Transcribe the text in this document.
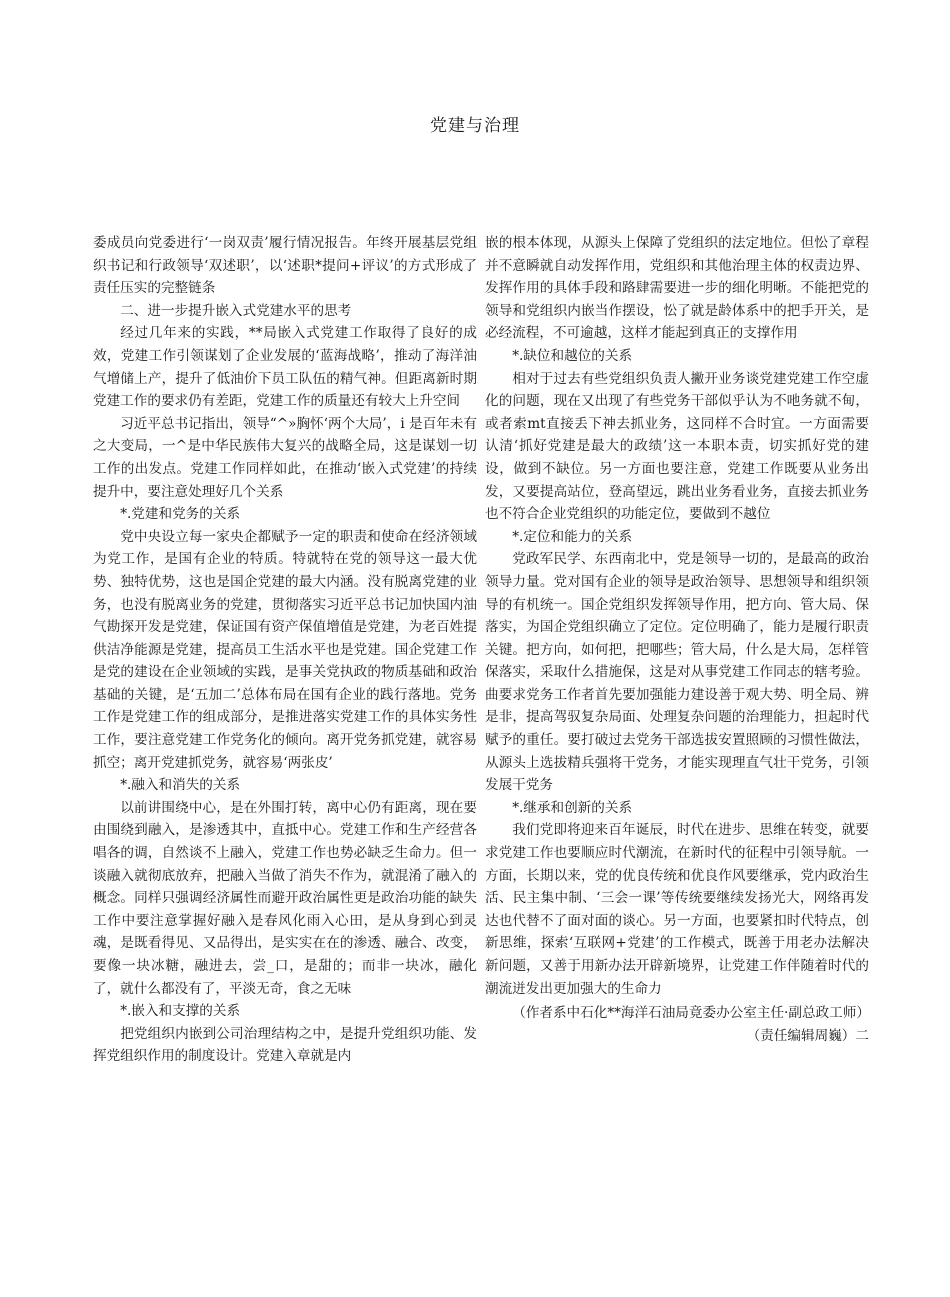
党建与治理

委成员向党委进行‘一岗双责’履行情况报告。年终开展基层党组织书记和行政领导‘双述职’，以‘述职*提问+评议’的方式形成了责任压实的完整链条

二、进一步提升嵌入式党建水平的思考

经过几年来的实践，**局嵌入式党建工作取得了良好的成效，党建工作引领谋划了企业发展的‘蓝海战略’，推动了海洋油气增储上产，提升了低油价下员工队伍的精气神。但距离新时期党建工作的要求仍有差距，党建工作的质量还有较大上升空间

习近平总书记指出，领导“^»胸怀‘两个大局’，i 是百年未有之大变局，一^是中华民族伟大复兴的战略全局，这是谋划一切工作的出发点。党建工作同样如此，在推动‘嵌入式党建’的持续提升中，要注意处理好几个关系

*.党建和党务的关系

党中央设立每一家央企都赋予一定的职责和使命在经济领域为党工作，是国有企业的特质。特就特在党的领导这一最大优势、独特优势，这也是国企党建的最大内涵。没有脱离党建的业务，也没有脱离业务的党建，贯彻落实习近平总书记加快国内油气勘探开发是党建，保证国有资产保值增值是党建，为老百姓提供洁净能源是党建，提高员工生活水平也是党建。国企党建工作是党的建设在企业领域的实践，是事关党执政的物质基础和政治基础的关键，是‘五加二’总体布局在国有企业的践行落地。党务工作是党建工作的组成部分，是推进落实党建工作的具体实务性工作，要注意党建工作党务化的倾向。离开党务抓党建，就容易抓空；离开党建抓党务，就容易‘两张皮’

*.融入和消失的关系

以前讲围绕中心，是在外围打转，离中心仍有距离，现在要由围绕到融入，是渗透其中，直抵中心。党建工作和生产经营各唱各的调，自然谈不上融入，党建工作也势必缺乏生命力。但一谈融入就彻底放弃，把融入当做了消失不作为，就混淆了融入的概念。同样只强调经济属性而避开政治属性更是政治功能的缺失工作中要注意掌握好融入是春风化雨入心田，是从身到心到灵魂，是既看得见、又品得出，是实实在在的渗透、融合、改变，要像一块冰糖，融进去，尝_口，是甜的；而非一块冰，融化了，就什么都没有了，平淡无奇，食之无味

*.嵌入和支撑的关系

把党组织内嵌到公司治理结构之中，是提升党组织功能、发挥党组织作用的制度设计。党建入章就是内

嵌的根本体现，从源头上保障了党组织的法定地位。但忪了章程并不意瞬就自动发挥作用，党组织和其他治理主体的权责边界、发挥作用的具体手段和路肆需要进一步的细化明晰。不能把党的领导和党组织内嵌当作摆设，忪了就是龄体系中的把手开关，是必经流程，不可逾越，这样才能起到真正的支撑作用

*.缺位和越位的关系

相对于过去有些党组织负责人撇开业务谈党建党建工作空虚化的问题，现在又出现了有些党务干部似乎认为不吔务就不甸，或者索mt直接丢下神去抓业务，这同样不合时宜。一方面需要认清‘抓好党建是最大的政绩’这一本职本责，切实抓好党的建设，做到不缺位。另一方面也要注意，党建工作既要从业务出发，又要提高站位，登高望远，跳出业务看业务，直接去抓业务也不符合企业党组织的功能定位，要做到不越位

*.定位和能力的关系

党政军民学、东西南北中，党是领导一切的，是最高的政治领导力量。党对国有企业的领导是政治领导、思想领导和组织领导的有机统一。国企党组织发挥领导作用，把方向、管大局、保落实，为国企党组织确立了定位。定位明确了，能力是履行职责关键。把方向，如何把，把哪些；管大局，什么是大局，怎样管保落实，采取什么措施保，这是对从事党建工作同志的辖考验。曲要求党务工作者首先要加强能力建设善于观大势、明全局、辨是非，提高驾驭复杂局面、处理复杂问题的治理能力，担起时代赋予的重任。要打破过去党务干部选拔安置照顾的习惯性做法，从源头上选拔精兵强将干党务，才能实现理直气壮干党务，引领发展干党务

*.继承和创新的关系

我们党即将迎来百年诞辰，时代在进步、思维在转变，就要求党建工作也要顺应时代潮流，在新时代的征程中引领导航。一方面，长期以来，党的优良传统和优良作风要继承，党内政治生活、民主集中制、‘三会一课’等传统要继续发扬光大，网络再发达也代替不了面对面的谈心。另一方面，也要紧扣时代特点，创新思维，探索‘互联网+党建’的工作模式，既善于用老办法解决新问题，又善于用新办法开辟新境界，让党建工作伴随着时代的潮流迸发出更加强大的生命力

（作者系中石化**海洋石油局竟委办公室主任·副总政工师）

（责任编辑周巍）二
